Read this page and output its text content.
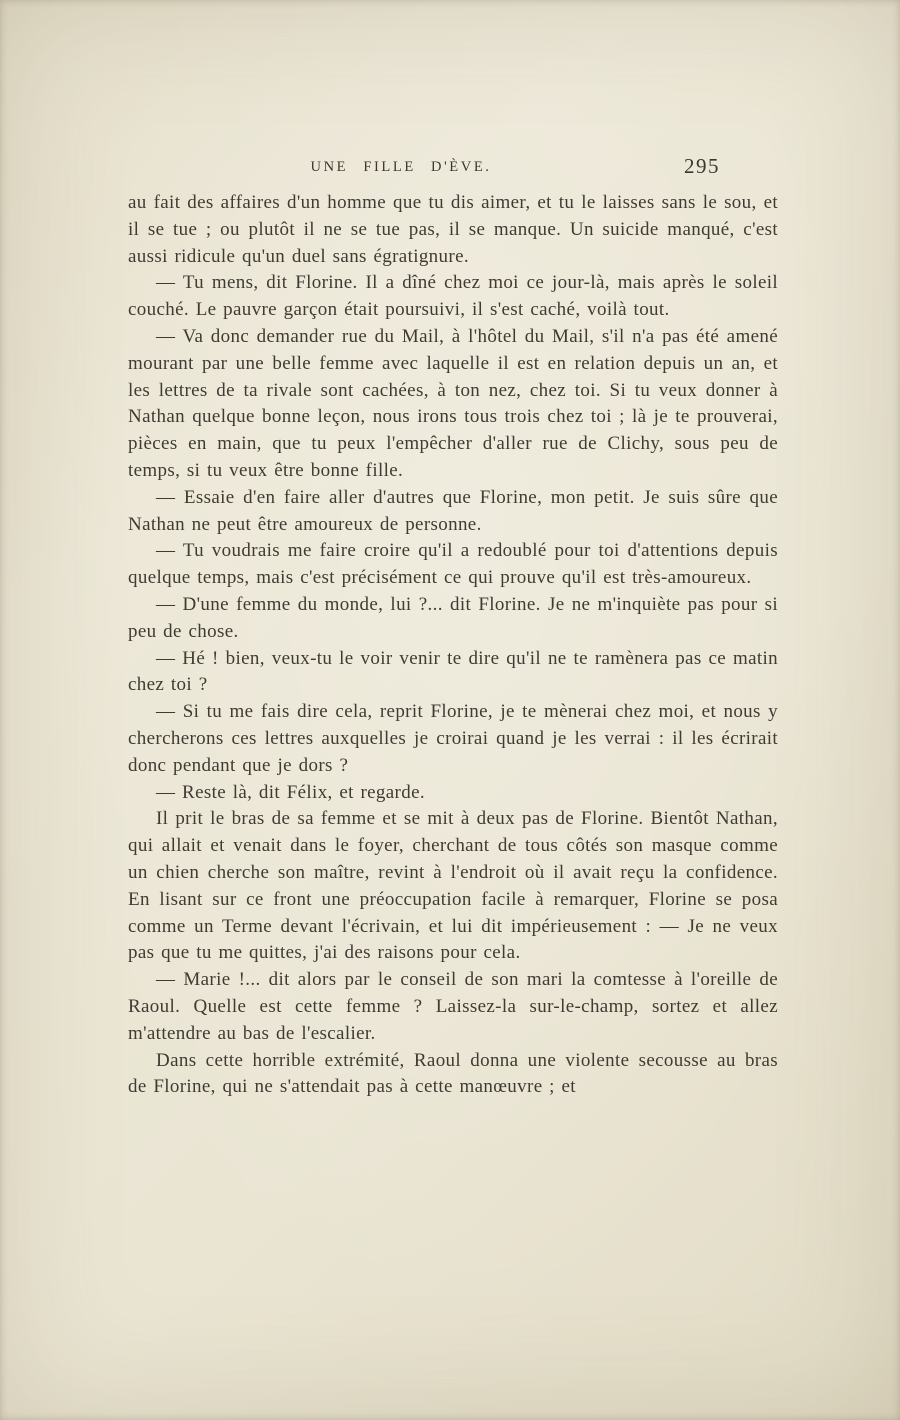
UNE FILLE D'ÈVE.	295

au fait des affaires d'un homme que tu dis aimer, et tu le laisses sans le sou, et il se tue ; ou plutôt il ne se tue pas, il se manque. Un suicide manqué, c'est aussi ridicule qu'un duel sans égratignure.

— Tu mens, dit Florine. Il a dîné chez moi ce jour-là, mais après le soleil couché. Le pauvre garçon était poursuivi, il s'est caché, voilà tout.

— Va donc demander rue du Mail, à l'hôtel du Mail, s'il n'a pas été amené mourant par une belle femme avec laquelle il est en relation depuis un an, et les lettres de ta rivale sont cachées, à ton nez, chez toi. Si tu veux donner à Nathan quelque bonne leçon, nous irons tous trois chez toi ; là je te prouverai, pièces en main, que tu peux l'empêcher d'aller rue de Clichy, sous peu de temps, si tu veux être bonne fille.

— Essaie d'en faire aller d'autres que Florine, mon petit. Je suis sûre que Nathan ne peut être amoureux de personne.

— Tu voudrais me faire croire qu'il a redoublé pour toi d'attentions depuis quelque temps, mais c'est précisément ce qui prouve qu'il est très-amoureux.

— D'une femme du monde, lui ?... dit Florine. Je ne m'inquiète pas pour si peu de chose.

— Hé ! bien, veux-tu le voir venir te dire qu'il ne te ramènera pas ce matin chez toi ?

— Si tu me fais dire cela, reprit Florine, je te mènerai chez moi, et nous y chercherons ces lettres auxquelles je croirai quand je les verrai : il les écrirait donc pendant que je dors ?

— Reste là, dit Félix, et regarde.

Il prit le bras de sa femme et se mit à deux pas de Florine. Bientôt Nathan, qui allait et venait dans le foyer, cherchant de tous côtés son masque comme un chien cherche son maître, revint à l'endroit où il avait reçu la confidence. En lisant sur ce front une préoccupation facile à remarquer, Florine se posa comme un Terme devant l'écrivain, et lui dit impérieusement : — Je ne veux pas que tu me quittes, j'ai des raisons pour cela.

— Marie !... dit alors par le conseil de son mari la comtesse à l'oreille de Raoul. Quelle est cette femme ? Laissez-la sur-le-champ, sortez et allez m'attendre au bas de l'escalier.

Dans cette horrible extrémité, Raoul donna une violente secousse au bras de Florine, qui ne s'attendait pas à cette manœuvre ; et
